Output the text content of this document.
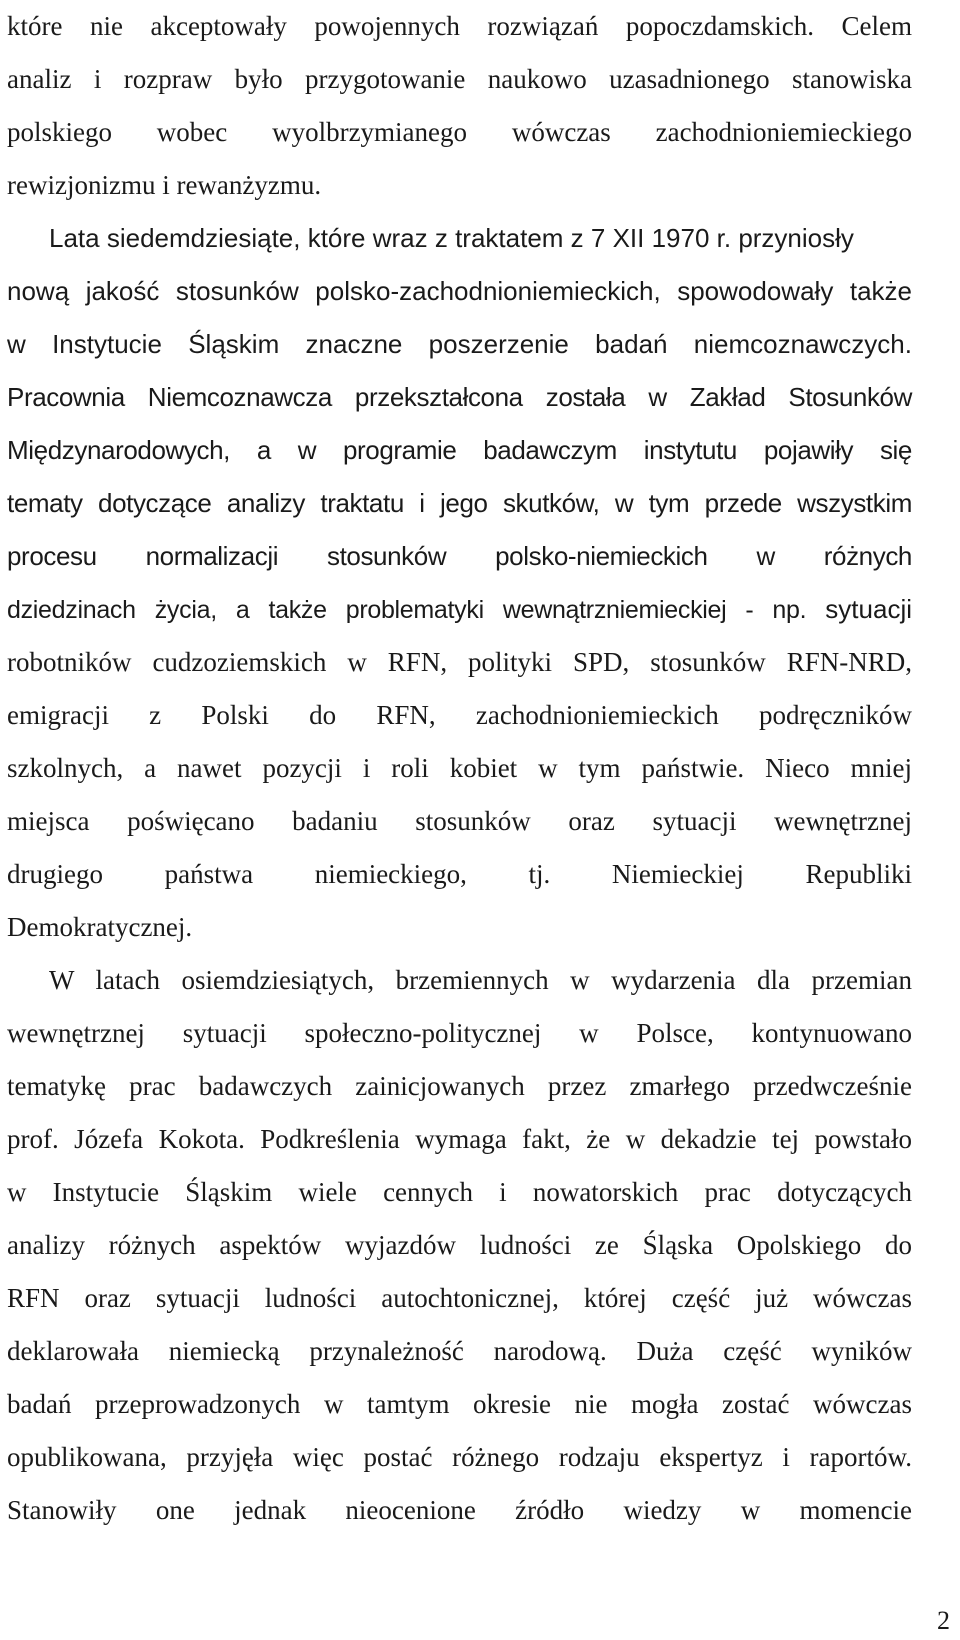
które nie akceptowały powojennych rozwiązań popoczdamskich. Celem
analiz i rozpraw było przygotowanie naukowo uzasadnionego stanowiska
polskiego wobec wyolbrzymianego wówczas zachodnioniemieckiego
rewizjonizmu i rewanżyzmu.
Lata siedemdziesiąte, które wraz z traktatem z 7 XII 1970 r. przyniosły
nową jakość stosunków polsko-zachodnioniemieckich, spowodowały także
w Instytucie Śląskim znaczne poszerzenie badań niemcoznawczych.
Pracownia Niemcoznawcza przekształcona została w Zakład Stosunków
Międzynarodowych, a w programie badawczym instytutu pojawiły się
tematy dotyczące analizy traktatu i jego skutków, w tym przede wszystkim
procesu normalizacji stosunków polsko-niemieckich w różnych
dziedzinach życia, a także problematyki wewnątrzniemieckiej - np. sytuacji
robotników cudzoziemskich w RFN, polityki SPD, stosunków RFN-NRD,
emigracji z Polski do RFN, zachodnioniemieckich podręczników
szkolnych, a nawet pozycji i roli kobiet w tym państwie. Nieco mniej
miejsca poświęcano badaniu stosunków oraz sytuacji wewnętrznej
drugiego państwa niemieckiego, tj. Niemieckiej Republiki
Demokratycznej.
W latach osiemdziesiątych, brzemiennych w wydarzenia dla przemian
wewnętrznej sytuacji społeczno-politycznej w Polsce, kontynuowano
tematykę prac badawczych zainicjowanych przez zmarłego przedwcześnie
prof. Józefa Kokota. Podkreślenia wymaga fakt, że w dekadzie tej powstało
w Instytucie Śląskim wiele cennych i nowatorskich prac dotyczących
analizy różnych aspektów wyjazdów ludności ze Śląska Opolskiego do
RFN oraz sytuacji ludności autochtonicznej, której część już wówczas
deklarowała niemiecką przynależność narodową. Duża część wyników
badań przeprowadzonych w tamtym okresie nie mogła zostać wówczas
opublikowana, przyjęła więc postać różnego rodzaju ekspertyz i raportów.
Stanowiły one jednak nieocenione źródło wiedzy w momencie
2
